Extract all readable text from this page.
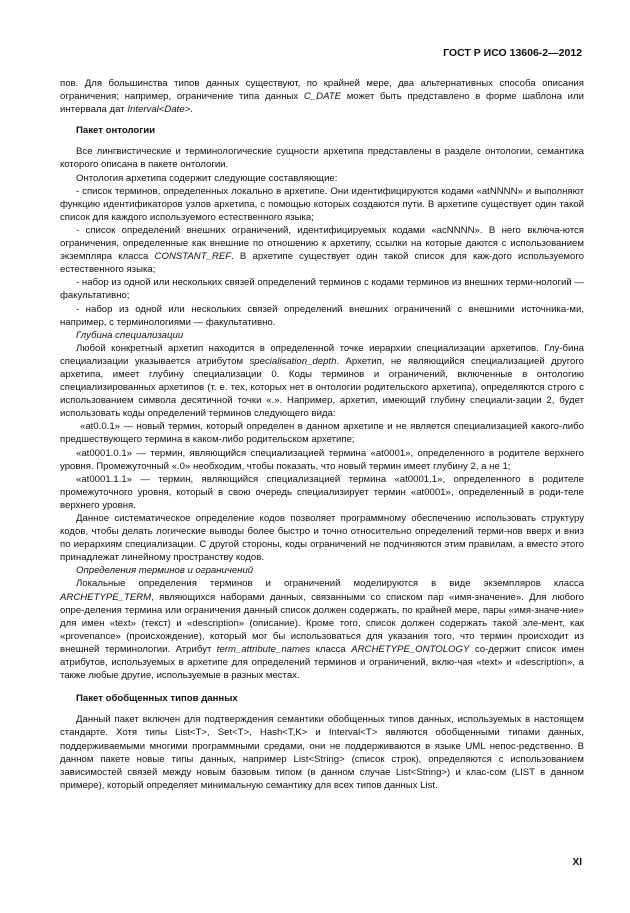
ГОСТ Р ИСО 13606-2—2012

пов. Для большинства типов данных существуют, по крайней мере, два альтернативных способа описания ограничения; например, ограничение типа данных C_DATE может быть представлено в форме шаблона или интервала дат Interval<Date>.

Пакет онтологии

Все лингвистические и терминологические сущности архетипа представлены в разделе онтологии, семантика которого описана в пакете онтологии.

Онтология архетипа содержит следующие составляющие:

- список терминов, определенных локально в архетипе. Они идентифицируются кодами «atNNNN» и выполняют функцию идентификаторов узлов архетипа, с помощью которых создаются пути. В архетипе существует один такой список для каждого используемого естественного языка;

- список определений внешних ограничений, идентифицируемых кодами «acNNNN». В него включа-ются ограничения, определенные как внешние по отношению к архетипу, ссылки на которые даются с использованием экземпляра класса CONSTANT_REF. В архетипе существует один такой список для каж-дого используемого естественного языка;

- набор из одной или нескольких связей определений терминов с кодами терминов из внешних терми-нологий — факультативно;

- набор из одной или нескольких связей определений внешних ограничений с внешними источника-ми, например, с терминологиями — факультативно.

Глубина специализации

Любой конкретный архетип находится в определенной точке иерархии специализации архетипов. Глу-бина специализации указывается атрибутом specialisation_depth. Архетип, не являющийся специализацией другого архетипа, имеет глубину специализации 0. Коды терминов и ограничений, включенные в онтологию специализированных архетипов (т. е. тех, которых нет в онтологии родительского архетипа), определяются строго с использованием символа десятичной точки «.». Например, архетип, имеющий глубину специали-зации 2, будет использовать коды определений терминов следующего вида:

«at0.0.1» — новый термин, который определен в данном архетипе и не является специализацией какого-либо предшествующего термина в каком-либо родительском архетипе;

«at0001.0.1» — термин, являющийся специализацией термина «at0001», определенного в родителе верхнего уровня. Промежуточный «.0» необходим, чтобы показать, что новый термин имеет глубину 2, а не 1;

«at0001.1.1» — термин, являющийся специализацией термина «at0001.1», определенного в родителе промежуточного уровня, который в свою очередь специализирует термин «at0001», определенный в роди-теле верхнего уровня.

Данное систематическое определение кодов позволяет программному обеспечению использовать структуру кодов, чтобы делать логические выводы более быстро и точно относительно определений терми-нов вверх и вниз по иерархиям специализации. С другой стороны, коды ограничений не подчиняются этим правилам, а вместо этого принадлежат линейному пространству кодов.

Определения терминов и ограничений

Локальные определения терминов и ограничений моделируются в виде экземпляров класса ARCHETYPE_TERM, являющихся наборами данных, связанными со списком пар «имя-значение». Для любого опре-деления термина или ограничения данный список должен содержать, по крайней мере, пары «имя-значе-ние» для имен «text» (текст) и «description» (описание). Кроме того, список должен содержать такой эле-мент, как «provenance» (происхождение), который мог бы использоваться для указания того, что термин происходит из внешней терминологии. Атрибут term_attribute_names класса ARCHETYPE_ONTOLOGY со-держит список имен атрибутов, используемых в архетипе для определений терминов и ограничений, вклю-чая «text» и «description», а также любые другие, используемые в разных местах.

Пакет обобщенных типов данных

Данный пакет включен для подтверждения семантики обобщенных типов данных, используемых в настоящем стандарте. Хотя типы List<T>, Set<T>, Hash<T,K> и Interval<T> являются обобщенными типами данных, поддерживаемыми многими программными средами, они не поддерживаются в языке UML непос-редственно. В данном пакете новые типы данных, например List<String> (список строк), определяются с использованием зависимостей связей между новым базовым типом (в данном случае List<String>) и клас-сом (LIST в данном примере), который определяет минимальную семантику для всех типов данных List.

XI
